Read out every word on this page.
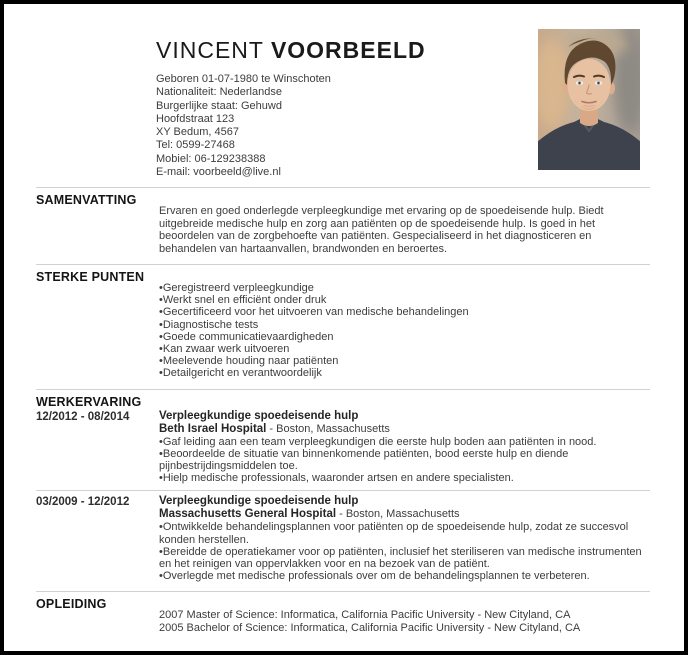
VINCENT VOORBEELD
Geboren 01-07-1980 te Winschoten
Nationaliteit: Nederlandse
Burgerlijke staat: Gehuwd
Hoofdstraat 123
XY Bedum, 4567
Tel: 0599-27468
Mobiel: 06-129238388
E-mail: voorbeeld@live.nl
SAMENVATTING
Ervaren en goed onderlegde verpleegkundige met ervaring op de spoedeisende hulp. Biedt uitgebreide medische hulp en zorg aan patiënten op de spoedeisende hulp. Is goed in het beoordelen van de zorgbehoefte van patiënten. Gespecialiseerd in het diagnosticeren en behandelen van hartaanvallen, brandwonden en beroertes.
STERKE PUNTEN
• Geregistreerd verpleegkundige
• Werkt snel en efficiënt onder druk
• Gecertificeerd voor het uitvoeren van medische behandelingen
• Diagnostische tests
• Goede communicatievaardigheden
• Kan zwaar werk uitvoeren
• Meelevende houding naar patiënten
• Detailgericht en verantwoordelijk
WERKERVARING
12/2012 - 08/2014	Verpleegkundige spoedeisende hulp
Beth Israel Hospital - Boston, Massachusetts
• Gaf leiding aan een team verpleegkundigen die eerste hulp boden aan patiënten in nood.
• Beoordeelde de situatie van binnenkomende patiënten, bood eerste hulp en diende pijnbestrijdingsmiddelen toe.
• Hielp medische professionals, waaronder artsen en andere specialisten.
03/2009 - 12/2012	Verpleegkundige spoedeisende hulp
Massachusetts General Hospital - Boston, Massachusetts
• Ontwikkelde behandelingsplannen voor patiënten op de spoedeisende hulp, zodat ze succesvol konden herstellen.
• Bereidde de operatiekamer voor op patiënten, inclusief het steriliseren van medische instrumenten en het reinigen van oppervlakken voor en na bezoek van de patiënt.
• Overlegde met medische professionals over om de behandelingsplannen te verbeteren.
OPLEIDING
2007 Master of Science: Informatica, California Pacific University - New Cityland, CA
2005 Bachelor of Science: Informatica, California Pacific University - New Cityland, CA
